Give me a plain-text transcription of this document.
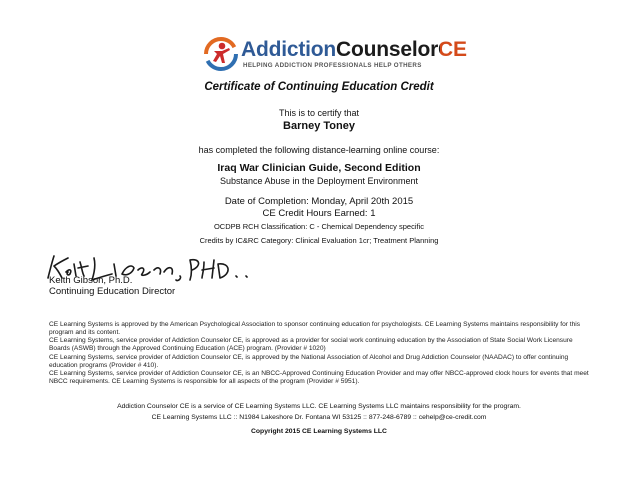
AddictionCounselorCE
HELPING ADDICTION PROFESSIONALS HELP OTHERS
Certificate of Continuing Education Credit
This is to certify that
Barney Toney
has completed the following distance-learning online course:
Iraq War Clinician Guide, Second Edition
Substance Abuse in the Deployment Environment
Date of Completion: Monday, April 20th 2015
CE Credit Hours Earned: 1
OCDPB RCH Classification: C - Chemical Dependency specific
Credits by IC&RC Category: Clinical Evaluation 1cr; Treatment Planning
Keith Gibson, Ph.D.
Continuing Education Director

CE Learning Systems is approved by the American Psychological Association to sponsor continuing education for psychologists. CE Learning Systems maintains responsibility for this program and its content.

CE Learning Systems, service provider of Addiction Counselor CE, is approved as a provider for social work continuing education by the Association of State Social Work Licensure Boards (ASWB) through the Approved Continuing Education (ACE) program. (Provider # 1020)

CE Learning Systems, service provider of Addiction Counselor CE, is approved by the National Association of Alcohol and Drug Addiction Counselor (NAADAC) to offer continuing education programs (Provider # 410).

CE Learning Systems, service provider of Addiction Counselor CE, is an NBCC-Approved Continuing Education Provider and may offer NBCC-approved clock hours for events that meet NBCC requirements. CE Learning Systems is responsible for all aspects of the program (Provider # 5951).

Addiction Counselor CE is a service of CE Learning Systems LLC. CE Learning Systems LLC maintains responsibility for the program.
CE Learning Systems LLC :: N1984 Lakeshore Dr. Fontana WI 53125 :: 877-248-6789 :: cehelp@ce-credit.com
Copyright 2015 CE Learning Systems LLC
